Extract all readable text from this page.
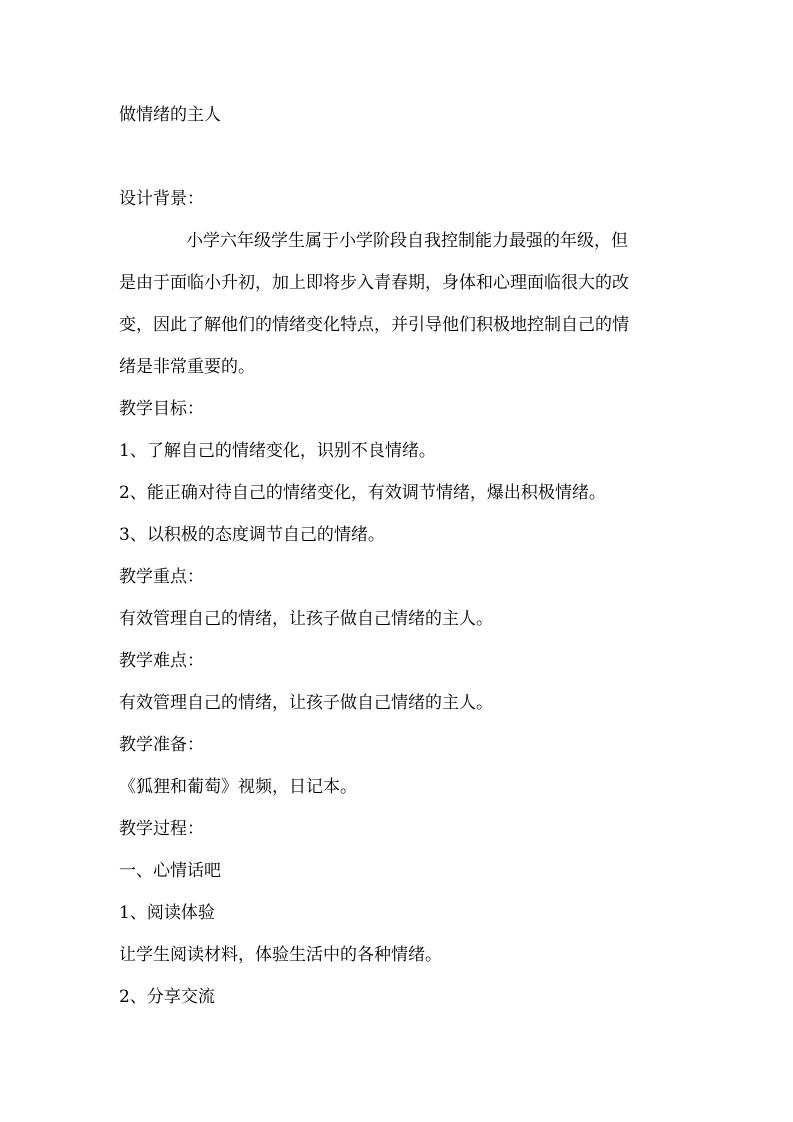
做情绪的主人
设计背景：
小学六年级学生属于小学阶段自我控制能力最强的年级，但
是由于面临小升初，加上即将步入青春期，身体和心理面临很大的改
变，因此了解他们的情绪变化特点，并引导他们积极地控制自己的情
绪是非常重要的。
教学目标：
1、了解自己的情绪变化，识别不良情绪。
2、能正确对待自己的情绪变化，有效调节情绪，爆出积极情绪。
3、以积极的态度调节自己的情绪。
教学重点：
有效管理自己的情绪，让孩子做自己情绪的主人。
教学难点：
有效管理自己的情绪，让孩子做自己情绪的主人。
教学准备：
《狐狸和葡萄》视频，日记本。
教学过程：
一、心情话吧
1、阅读体验
让学生阅读材料，体验生活中的各种情绪。
2、分享交流
